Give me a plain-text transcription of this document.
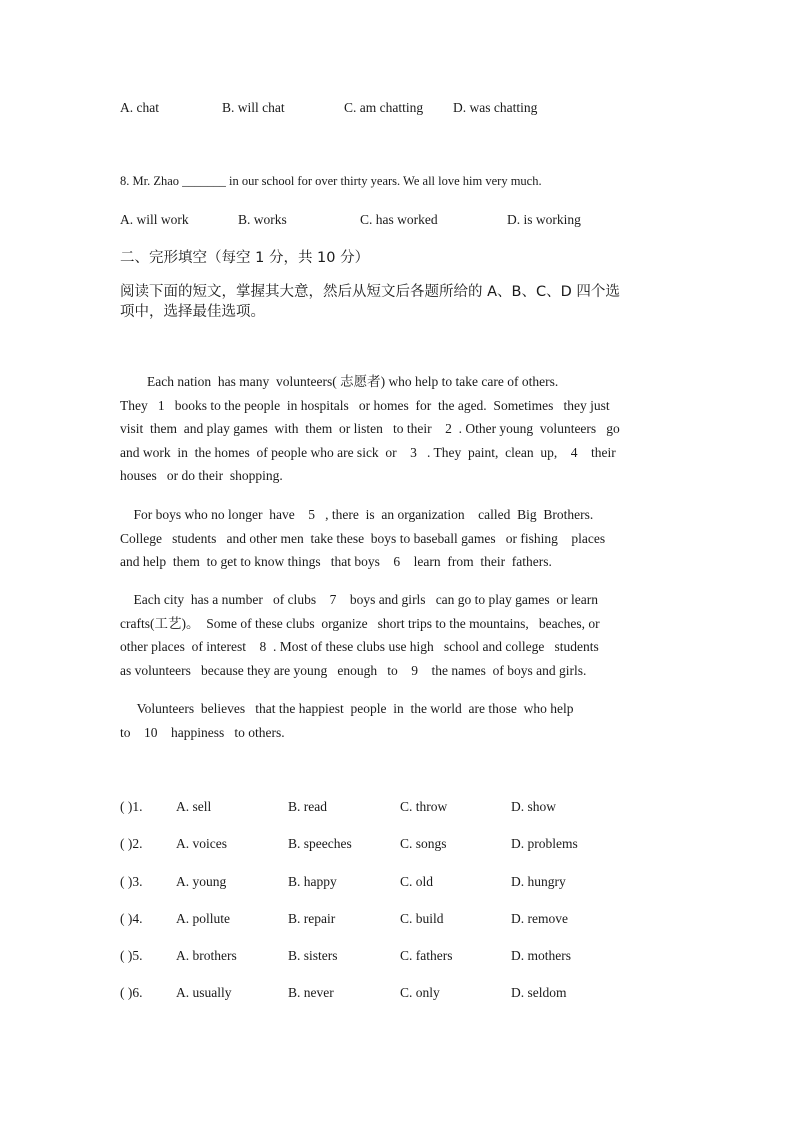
A. chat	B. will chat	C. am chatting D. was chatting
8. Mr. Zhao _______ in our school for over thirty years. We all love him very much.
A. will work	B. works	C. has worked	D. is working
二、完形填空（每空 1 分，共 10 分）
阅读下面的短文，掌握其大意，然后从短文后各题所给的 A、B、C、D 四个选
项中，选择最佳选项。

Each nation  has many  volunteers( 志愿者) who help to take care of others.

They   1   books to the people  in hospitals   or homes  for  the aged.  Sometimes   they just

visit  them  and play games  with  them  or listen   to their    2  . Other young  volunteers   go

and work  in  the homes  of people who are sick  or    3   . They  paint,  clean  up,    4    their

houses   or do their  shopping.

For boys who no longer  have    5   , there  is  an organization    called  Big  Brothers.

College   students   and other men  take these  boys to baseball games   or fishing    places

and help  them  to get to know things   that boys    6    learn  from  their  fathers.

Each city  has a number   of clubs    7    boys and girls   can go to play games  or learn

crafts(工艺)。  Some of these clubs  organize   short trips to the mountains,   beaches, or

other places  of interest    8  . Most of these clubs use high   school and college   students

as volunteers   because they are young   enough   to    9    the names  of boys and girls.

Volunteers  believes   that the happiest  people  in  the world  are those  who help

to    10    happiness   to others.

( )1. A. sell	B. read	C. throw	D. show
( )2. A. voices	B. speeches	C. songs	D. problems
( )3. A. young	B. happy	C. old	D. hungry
( )4. A. pollute	B. repair	C. build	D. remove
( )5. A. brothers	B. sisters	C. fathers	D. mothers
( )6. A. usually	B. never	C. only	D. seldom
